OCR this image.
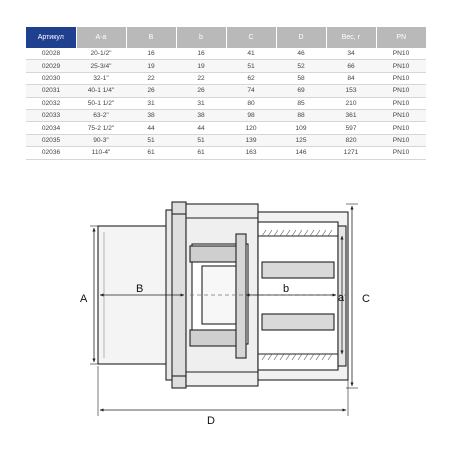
Артикул	A-a	B	b	C	D	Вес, г	PN
02028	20-1/2"	16	16	41	46	34	PN10
02029	25-3/4"	19	19	51	52	66	PN10
02030	32-1"	22	22	62	58	84	PN10
02031	40-1 1/4"	26	26	74	69	153	PN10
02032	50-1 1/2"	31	31	80	85	210	PN10
02033	63-2"	38	38	98	88	361	PN10
02034	75-2 1/2"	44	44	120	109	597	PN10
02035	90-3"	51	51	139	125	820	PN10
02036	110-4"	61	61	163	146	1271	PN10
A
B	b
a C
D
